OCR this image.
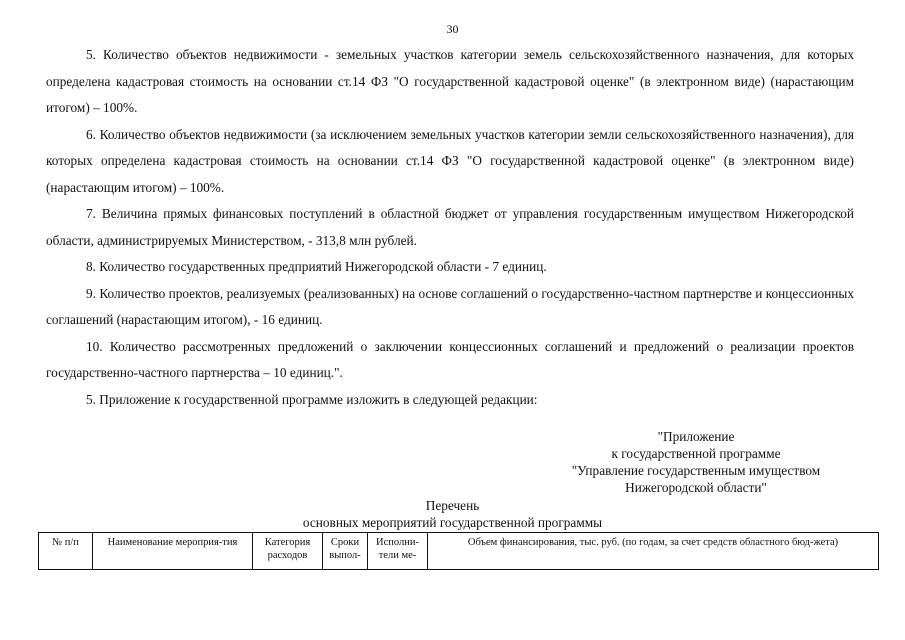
30

5. Количество объектов недвижимости - земельных участков категории земель сельскохозяйственного назначения, для которых определена кадастровая стоимость на основании ст.14 ФЗ "О государственной кадастровой оценке" (в электронном виде) (нарастающим итогом) – 100%.

6. Количество объектов недвижимости (за исключением земельных участков категории земли сельскохозяйственного назначения), для которых определена кадастровая стоимость на основании ст.14 ФЗ "О государственной кадастровой оценке" (в электронном виде) (нарастающим итогом) – 100%.

7. Величина прямых финансовых поступлений в областной бюджет от управления государственным имуществом Нижегородской области, администрируемых Министерством, - 313,8 млн рублей.

8. Количество государственных предприятий Нижегородской области - 7 единиц.

9. Количество проектов, реализуемых (реализованных) на основе соглашений о государственно-частном партнерстве и концессионных соглашений (нарастающим итогом), - 16 единиц.

10. Количество рассмотренных предложений о заключении концессионных соглашений и предложений о реализации проектов государственно-частного партнерства – 10 единиц.".

5. Приложение к государственной программе изложить в следующей редакции:

"Приложение
к государственной программе
"Управление государственным имуществом
Нижегородской области"
Перечень
основных мероприятий государственной программы
№ п/п	Наименование мероприя-тия	Категория расходов	Сроки выпол-	Исполни-тели ме-	Объем финансирования, тыс. руб. (по годам, за счет средств областного бюд-жета)
